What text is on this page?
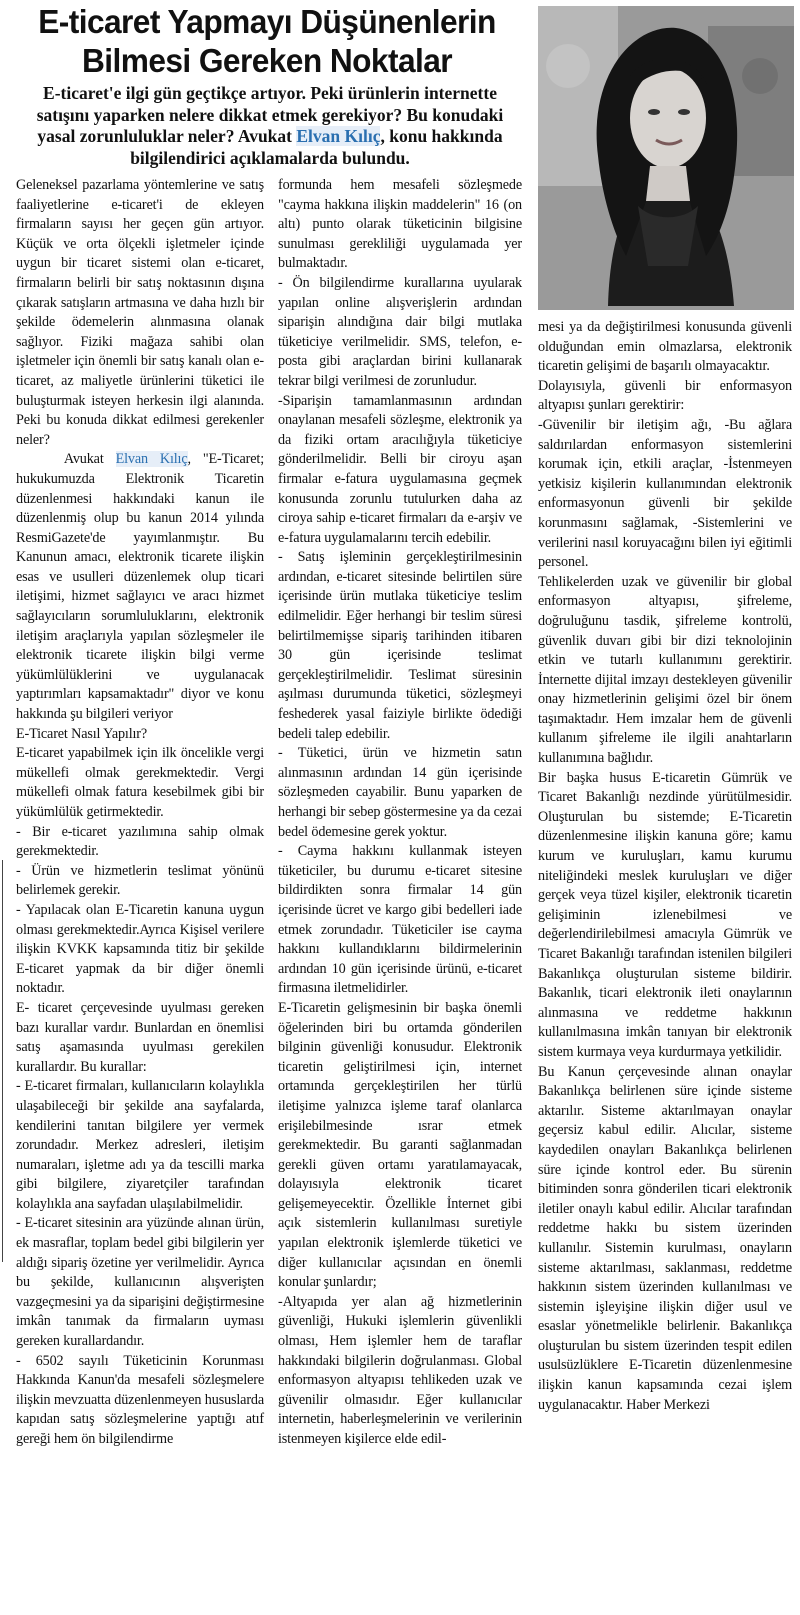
E-ticaret Yapmayı Düşünenlerin
Bilmesi Gereken Noktalar
E-ticaret'e ilgi gün geçtikçe artıyor. Peki ürünlerin internette
satışını yaparken nelere dikkat etmek gerekiyor? Bu konudaki
yasal zorunluluklar neler? Avukat Elvan Kılıç, konu hakkında
bilgilendirici açıklamalarda bulundu.

Geleneksel pazarlama yöntemlerine ve satış faaliyetlerine e-ticaret'i de ekleyen firmaların sayısı her geçen gün artıyor. Küçük ve orta ölçekli işletmeler içinde uygun bir ticaret sistemi olan e-ticaret, firmaların belirli bir satış noktasının dışına çıkarak satışların artmasına ve daha hızlı bir şekilde ödemelerin alınmasına olanak sağlıyor. Fiziki mağaza sahibi olan işletmeler için önemli bir satış kanalı olan e-ticaret, az maliyetle ürünlerini tüketici ile buluşturmak isteyen herkesin ilgi alanında. Peki bu konuda dikkat edilmesi gerekenler neler?

Avukat Elvan Kılıç, "E-Ticaret; hukukumuzda Elektronik Ticaretin düzenlenmesi hakkındaki kanun ile düzenlenmiş olup bu kanun 2014 yılında ResmiGazete'de yayımlanmıştır. Bu Kanunun amacı, elektronik ticarete ilişkin esas ve usulleri düzenlemek olup ticari iletişimi, hizmet sağlayıcı ve aracı hizmet sağlayıcıların sorumluluklarını, elektronik iletişim araçlarıyla yapılan sözleşmeler ile elektronik ticarete ilişkin bilgi verme yükümlülüklerini ve uygulanacak yaptırımları kapsamaktadır" diyor ve konu hakkında şu bilgileri veriyor

E-Ticaret Nasıl Yapılır?

E-ticaret yapabilmek için ilk öncelikle vergi mükellefi olmak gerekmektedir. Vergi mükellefi olmak fatura kesebilmek gibi bir yükümlülük getirmektedir.

- Bir e-ticaret yazılımına sahip olmak gerekmektedir.

- Ürün ve hizmetlerin teslimat yönünü belirlemek gerekir.

- Yapılacak olan E-Ticaretin kanuna uygun olması gerekmektedir.Ayrıca Kişisel verilere ilişkin KVKK kapsamında titiz bir şekilde E-ticaret yapmak da bir diğer önemli noktadır.

E- ticaret çerçevesinde uyulması gereken bazı kurallar vardır. Bunlardan en önemlisi satış aşamasında uyulması gerekilen kurallardır. Bu kurallar:

- E-ticaret firmaları, kullanıcıların kolaylıkla ulaşabileceği bir şekilde ana sayfalarda, kendilerini tanıtan bilgilere yer vermek zorundadır. Merkez adresleri, iletişim numaraları, işletme adı ya da tescilli marka gibi bilgilere, ziyaretçiler tarafından kolaylıkla ana sayfadan ulaşılabilmelidir.

- E-ticaret sitesinin ara yüzünde alınan ürün, ek masraflar, toplam bedel gibi bilgilerin yer aldığı sipariş özetine yer verilmelidir. Ayrıca bu şekilde, kullanıcının alışverişten vazgeçmesini ya da siparişini değiştirmesine imkân tanımak da firmaların uyması gereken kurallardandır.

- 6502 sayılı Tüketicinin Korunması Hakkında Kanun'da mesafeli sözleşmelere ilişkin mevzuatta düzenlenmeyen hususlarda kapıdan satış sözleşmelerine yaptığı atıf gereği hem ön bilgilendirme

formunda hem mesafeli sözleşmede "cayma hakkına ilişkin maddelerin" 16 (on altı) punto olarak tüketicinin bilgisine sunulması gerekliliği uygulamada yer bulmaktadır.

- Ön bilgilendirme kurallarına uyularak yapılan online alışverişlerin ardından siparişin alındığına dair bilgi mutlaka tüketiciye verilmelidir. SMS, telefon, e-posta gibi araçlardan birini kullanarak tekrar bilgi verilmesi de zorunludur.

-Siparişin tamamlanmasının ardından onaylanan mesafeli sözleşme, elektronik ya da fiziki ortam aracılığıyla tüketiciye gönderilmelidir. Belli bir ciroyu aşan firmalar e-fatura uygulamasına geçmek konusunda zorunlu tutulurken daha az ciroya sahip e-ticaret firmaları da e-arşiv ve e-fatura uygulamalarını tercih edebilir.

- Satış işleminin gerçekleştirilmesinin ardından, e-ticaret sitesinde belirtilen süre içerisinde ürün mutlaka tüketiciye teslim edilmelidir. Eğer herhangi bir teslim süresi belirtilmemişse sipariş tarihinden itibaren 30 gün içerisinde teslimat gerçekleştirilmelidir. Teslimat süresinin aşılması durumunda tüketici, sözleşmeyi feshederek yasal faiziyle birlikte ödediği bedeli talep edebilir.

- Tüketici, ürün ve hizmetin satın alınmasının ardından 14 gün içerisinde sözleşmeden cayabilir. Bunu yaparken de herhangi bir sebep göstermesine ya da cezai bedel ödemesine gerek yoktur.

- Cayma hakkını kullanmak isteyen tüketiciler, bu durumu e-ticaret sitesine bildirdikten sonra firmalar 14 gün içerisinde ücret ve kargo gibi bedelleri iade etmek zorundadır. Tüketiciler ise cayma hakkını kullandıklarını bildirmelerinin ardından 10 gün içerisinde ürünü, e-ticaret firmasına iletmelidirler.

E-Ticaretin gelişmesinin bir başka önemli öğelerinden biri bu ortamda gönderilen bilginin güvenliği konusudur. Elektronik ticaretin geliştirilmesi için, internet ortamında gerçekleştirilen her türlü iletişime yalnızca işleme taraf olanlarca erişilebilmesinde ısrar etmek gerekmektedir. Bu garanti sağlanmadan gerekli güven ortamı yaratılamayacak, dolayısıyla elektronik ticaret gelişemeyecektir. Özellikle İnternet gibi açık sistemlerin kullanılması suretiyle yapılan elektronik işlemlerde tüketici ve diğer kullanıcılar açısından en önemli konular şunlardır;

-Altyapıda yer alan ağ hizmetlerinin güvenliği, Hukuki işlemlerin güvenlikli olması, Hem işlemler hem de taraflar hakkındaki bilgilerin doğrulanması. Global enformasyon altyapısı tehlikeden uzak ve güvenilir olmasıdır. Eğer kullanıcılar internetin, haberleşmelerinin ve verilerinin istenmeyen kişilerce elde edil-

mesi ya da değiştirilmesi konusunda güvenli olduğundan emin olmazlarsa, elektronik ticaretin gelişimi de başarılı olmayacaktır.

Dolayısıyla, güvenli bir enformasyon altyapısı şunları gerektirir:

-Güvenilir bir iletişim ağı, -Bu ağlara saldırılardan enformasyon sistemlerini korumak için, etkili araçlar, -İstenmeyen yetkisiz kişilerin kullanımından elektronik enformasyonun güvenli bir şekilde korunmasını sağlamak, -Sistemlerini ve verilerini nasıl koruyacağını bilen iyi eğitimli personel.

Tehlikelerden uzak ve güvenilir bir global enformasyon altyapısı, şifreleme, doğruluğunu tasdik, şifreleme kontrolü, güvenlik duvarı gibi bir dizi teknolojinin etkin ve tutarlı kullanımını gerektirir. İnternette dijital imzayı destekleyen güvenilir onay hizmetlerinin gelişimi özel bir önem taşımaktadır. Hem imzalar hem de güvenli kullanım şifreleme ile ilgili anahtarların kullanımına bağlıdır.

Bir başka husus E-ticaretin Gümrük ve Ticaret Bakanlığı nezdinde yürütülmesidir. Oluşturulan bu sistemde; E-Ticaretin düzenlenmesine ilişkin kanuna göre; kamu kurum ve kuruluşları, kamu kurumu niteliğindeki meslek kuruluşları ve diğer gerçek veya tüzel kişiler, elektronik ticaretin gelişiminin izlenebilmesi ve değerlendirilebilmesi amacıyla Gümrük ve Ticaret Bakanlığı tarafından istenilen bilgileri Bakanlıkça oluşturulan sisteme bildirir. Bakanlık, ticari elektronik ileti onaylarının alınmasına ve reddetme hakkının kullanılmasına imkân tanıyan bir elektronik sistem kurmaya veya kurdurmaya yetkilidir.

Bu Kanun çerçevesinde alınan onaylar Bakanlıkça belirlenen süre içinde sisteme aktarılır. Sisteme aktarılmayan onaylar geçersiz kabul edilir. Alıcılar, sisteme kaydedilen onayları Bakanlıkça belirlenen süre içinde kontrol eder. Bu sürenin bitiminden sonra gönderilen ticari elektronik iletiler onaylı kabul edilir. Alıcılar tarafından reddetme hakkı bu sistem üzerinden kullanılır. Sistemin kurulması, onayların sisteme aktarılması, saklanması, reddetme hakkının sistem üzerinden kullanılması ve sistemin işleyişine ilişkin diğer usul ve esaslar yönetmelikle belirlenir. Bakanlıkça oluşturulan bu sistem üzerinden tespit edilen usulsüzlüklere E-Ticaretin düzenlenmesine ilişkin kanun kapsamında cezai işlem uygulanacaktır. Haber Merkezi
